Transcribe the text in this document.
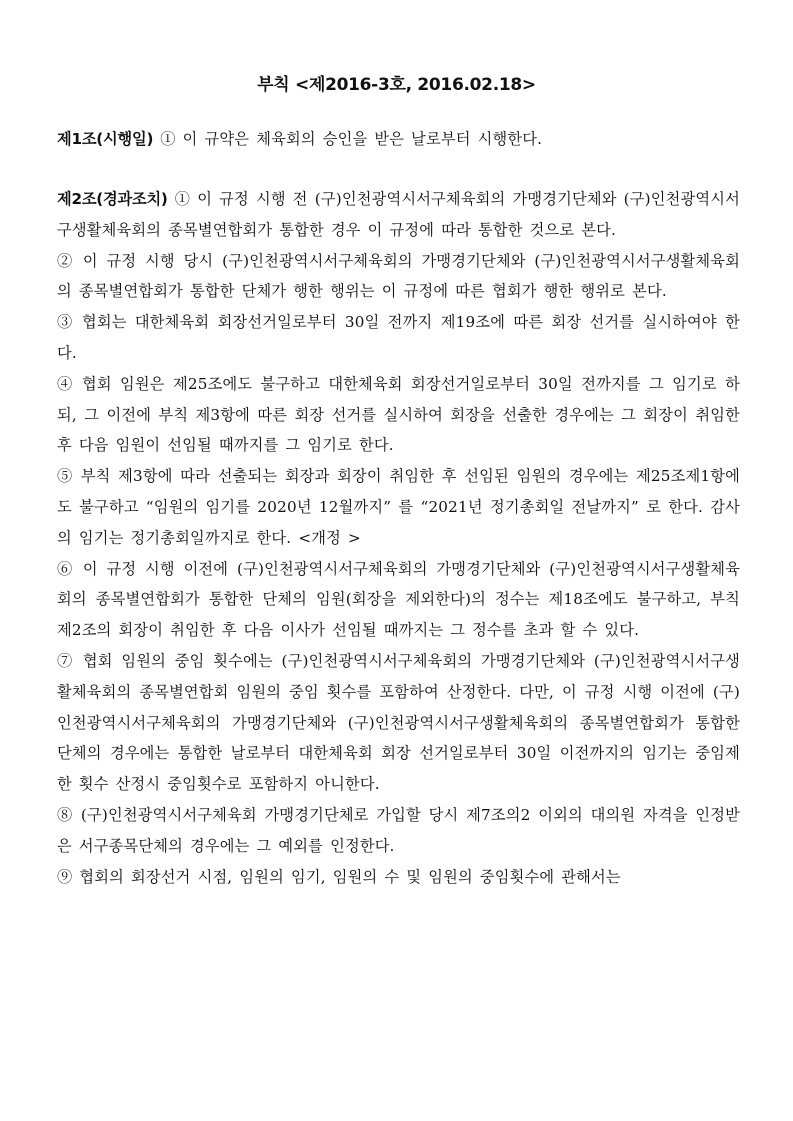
부칙 <제2016-3호, 2016.02.18>
제1조(시행일) ① 이 규약은 체육회의 승인을 받은 날로부터 시행한다.
제2조(경과조치) ① 이 규정 시행 전 (구)인천광역시서구체육회의 가맹경기단체와 (구)인천광역시서구생활체육회의 종목별연합회가 통합한 경우 이 규정에 따라 통합한 것으로 본다.
② 이 규정 시행 당시 (구)인천광역시서구체육회의 가맹경기단체와 (구)인천광역시서구생활체육회의 종목별연합회가 통합한 단체가 행한 행위는 이 규정에 따른 협회가 행한 행위로 본다.
③ 협회는 대한체육회 회장선거일로부터 30일 전까지 제19조에 따른 회장 선거를 실시하여야 한다.
④ 협회 임원은 제25조에도 불구하고 대한체육회 회장선거일로부터 30일 전까지를 그 임기로 하되, 그 이전에 부칙 제3항에 따른 회장 선거를 실시하여 회장을 선출한 경우에는 그 회장이 취임한 후 다음 임원이 선임될 때까지를 그 임기로 한다.
⑤ 부칙 제3항에 따라 선출되는 회장과 회장이 취임한 후 선임된 임원의 경우에는 제25조제1항에도 불구하고 “임원의 임기를 2020년 12월까지” 를 “2021년 정기총회일 전날까지” 로 한다. 감사의 임기는 정기총회일까지로 한다. <개정 >
⑥ 이 규정 시행 이전에 (구)인천광역시서구체육회의 가맹경기단체와 (구)인천광역시서구생활체육회의 종목별연합회가 통합한 단체의 임원(회장을 제외한다)의 정수는 제18조에도 불구하고, 부칙 제2조의 회장이 취임한 후 다음 이사가 선임될 때까지는 그 정수를 초과 할 수 있다.
⑦ 협회 임원의 중임 횟수에는 (구)인천광역시서구체육회의 가맹경기단체와 (구)인천광역시서구생활체육회의 종목별연합회 임원의 중임 횟수를 포함하여 산정한다. 다만, 이 규정 시행 이전에 (구)인천광역시서구체육회의 가맹경기단체와 (구)인천광역시서구생활체육회의 종목별연합회가 통합한 단체의 경우에는 통합한 날로부터 대한체육회 회장 선거일로부터 30일 이전까지의 임기는 중임제한 횟수 산정시 중임횟수로 포함하지 아니한다.
⑧ (구)인천광역시서구체육회 가맹경기단체로 가입할 당시 제7조의2 이외의 대의원 자격을 인정받은 서구종목단체의 경우에는 그 예외를 인정한다.
⑨ 협회의 회장선거 시점, 임원의 임기, 임원의 수 및 임원의 중임횟수에 관해서는
